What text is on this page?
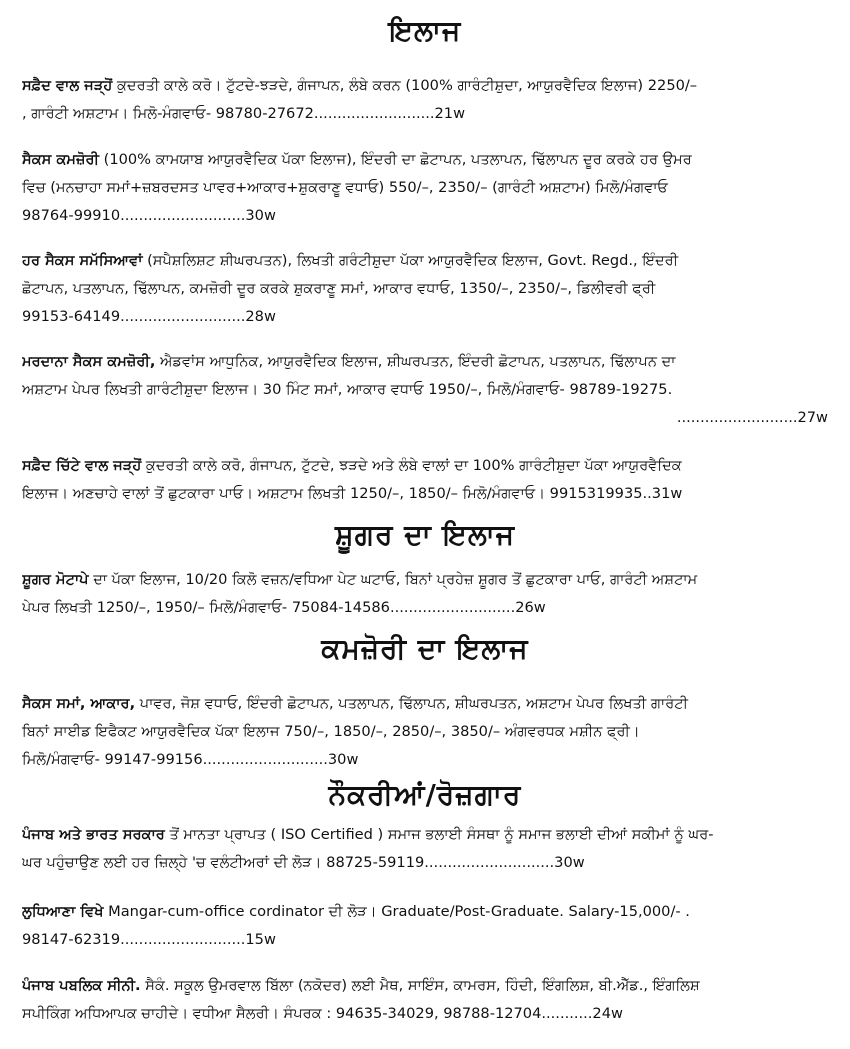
ਇਲਾਜ
ਸਫ਼ੈਦ ਵਾਲ ਜੜ੍ਹੋਂ ਕੁਦਰਤੀ ਕਾਲੇ ਕਰੋ। ਟੁੱਟਦੇ-ਝੜਦੇ, ਗੰਜਾਪਨ, ਲੰਬੇ ਕਰਨ (100% ਗਾਰੰਟੀਸ਼ੁਦਾ, ਆਯੁਰਵੈਦਿਕ ਇਲਾਜ) 2250/–
, ਗਾਰੰਟੀ ਅਸ਼ਟਾਮ। ਮਿਲੋ-ਮੰਗਵਾਓ- 98780-27672..........................21w
ਸੈਕਸ ਕਮਜ਼ੋਰੀ (100% ਕਾਮਯਾਬ ਆਯੁਰਵੈਦਿਕ ਪੱਕਾ ਇਲਾਜ), ਇੰਦਰੀ ਦਾ ਛੋਟਾਪਨ, ਪਤਲਾਪਨ, ਢਿੱਲਾਪਨ ਦੂਰ ਕਰਕੇ ਹਰ ਉਮਰ
ਵਿਚ (ਮਨਚਾਹਾ ਸਮਾਂ+ਜ਼ਬਰਦਸਤ ਪਾਵਰ+ਆਕਾਰ+ਸ਼ੁਕਰਾਣੂ ਵਧਾਓ) 550/–, 2350/– (ਗਾਰੰਟੀ ਅਸ਼ਟਾਮ) ਮਿਲੋ/ਮੰਗਵਾਓ
98764-99910...........................30w
ਹਰ ਸੈਕਸ ਸਮੱਸਿਆਵਾਂ (ਸਪੈਸ਼ਲਿਸ਼ਟ ਸ਼ੀਘਰਪਤਨ), ਲਿਖਤੀ ਗਰੰਟੀਸ਼ੁਦਾ ਪੱਕਾ ਆਯੁਰਵੈਦਿਕ ਇਲਾਜ, Govt. Regd., ਇੰਦਰੀ
ਛੋਟਾਪਨ, ਪਤਲਾਪਨ, ਢਿੱਲਾਪਨ, ਕਮਜ਼ੋਰੀ ਦੂਰ ਕਰਕੇ ਸ਼ੁਕਰਾਣੂ ਸਮਾਂ, ਆਕਾਰ ਵਧਾਓ, 1350/–, 2350/–, ਡਿਲੀਵਰੀ ਫ੍ਰੀ
99153-64149...........................28w
ਮਰਦਾਨਾ ਸੈਕਸ ਕਮਜ਼ੋਰੀ, ਐਡਵਾਂਸ ਆਧੁਨਿਕ, ਆਯੁਰਵੈਦਿਕ ਇਲਾਜ, ਸ਼ੀਘਰਪਤਨ, ਇੰਦਰੀ ਛੋਟਾਪਨ, ਪਤਲਾਪਨ, ਢਿੱਲਾਪਨ ਦਾ
ਅਸ਼ਟਾਮ ਪੇਪਰ ਲਿਖਤੀ ਗਾਰੰਟੀਸ਼ੁਦਾ ਇਲਾਜ। 30 ਮਿੰਟ ਸਮਾਂ, ਆਕਾਰ ਵਧਾਓ 1950/–, ਮਿਲੋ/ਮੰਗਵਾਓ- 98789-19275.
..........................27w
ਸਫ਼ੈਦ ਚਿੱਟੇ ਵਾਲ ਜੜ੍ਹੋਂ ਕੁਦਰਤੀ ਕਾਲੇ ਕਰੋ, ਗੰਜਾਪਨ, ਟੁੱਟਦੇ, ਝੜਦੇ ਅਤੇ ਲੰਬੇ ਵਾਲਾਂ ਦਾ 100% ਗਾਰੰਟੀਸ਼ੁਦਾ ਪੱਕਾ ਆਯੁਰਵੈਦਿਕ
ਇਲਾਜ। ਅਣਚਾਹੇ ਵਾਲਾਂ ਤੋਂ ਛੁਟਕਾਰਾ ਪਾਓ। ਅਸ਼ਟਾਮ ਲਿਖਤੀ 1250/–, 1850/– ਮਿਲੋ/ਮੰਗਵਾਓ। 9915319935..31w
ਸ਼ੂਗਰ ਦਾ ਇਲਾਜ
ਸ਼ੂਗਰ ਮੋਟਾਪੇ ਦਾ ਪੱਕਾ ਇਲਾਜ, 10/20 ਕਿਲੋ ਵਜ਼ਨ/ਵਧਿਆ ਪੇਟ ਘਟਾਓ, ਬਿਨਾਂ ਪ੍ਰਹੇਜ਼ ਸ਼ੂਗਰ ਤੋਂ ਛੁਟਕਾਰਾ ਪਾਓ, ਗਾਰੰਟੀ ਅਸ਼ਟਾਮ
ਪੇਪਰ ਲਿਖਤੀ 1250/–, 1950/– ਮਿਲੋ/ਮੰਗਵਾਓ- 75084-14586...........................26w
ਕਮਜ਼ੋਰੀ ਦਾ ਇਲਾਜ
ਸੈਕਸ ਸਮਾਂ, ਆਕਾਰ, ਪਾਵਰ, ਜੋਸ਼ ਵਧਾਓ, ਇੰਦਰੀ ਛੋਟਾਪਨ, ਪਤਲਾਪਨ, ਢਿੱਲਾਪਨ, ਸ਼ੀਘਰਪਤਨ, ਅਸ਼ਟਾਮ ਪੇਪਰ ਲਿਖਤੀ ਗਾਰੰਟੀ
ਬਿਨਾਂ ਸਾਈਡ ਇਫੈਕਟ ਆਯੁਰਵੈਦਿਕ ਪੱਕਾ ਇਲਾਜ 750/–, 1850/–, 2850/–, 3850/– ਅੰਗਵਰਧਕ ਮਸ਼ੀਨ ਫ੍ਰੀ।
ਮਿਲੋ/ਮੰਗਵਾਓ- 99147-99156...........................30w
ਨੌਕਰੀਆਂ/ਰੋਜ਼ਗਾਰ
ਪੰਜਾਬ ਅਤੇ ਭਾਰਤ ਸਰਕਾਰ ਤੋਂ ਮਾਨਤਾ ਪ੍ਰਾਪਤ ( ISO Certified ) ਸਮਾਜ ਭਲਾਈ ਸੰਸਥਾ ਨੂੰ ਸਮਾਜ ਭਲਾਈ ਦੀਆਂ ਸਕੀਮਾਂ ਨੂੰ ਘਰ-
ਘਰ ਪਹੁੰਚਾਉਣ ਲਈ ਹਰ ਜ਼ਿਲ੍ਹੇ 'ਚ ਵਲੰਟੀਅਰਾਂ ਦੀ ਲੋੜ। 88725-59119............................30w
ਲੁਧਿਆਣਾ ਵਿਖੇ Mangar-cum-office cordinator ਦੀ ਲੋੜ। Graduate/Post-Graduate. Salary-15,000/- .
98147-62319...........................15w
ਪੰਜਾਬ ਪਬਲਿਕ ਸੀਨੀ. ਸੈਕੰ. ਸਕੂਲ ਉਮਰਵਾਲ ਬਿੱਲਾ (ਨਕੋਦਰ) ਲਈ ਮੈਥ, ਸਾਇੰਸ, ਕਾਮਰਸ, ਹਿੰਦੀ, ਇੰਗਲਿਸ਼, ਬੀ.ਐੱਡ., ਇੰਗਲਿਸ਼
ਸਪੀਕਿੰਗ ਅਧਿਆਪਕ ਚਾਹੀਦੇ। ਵਧੀਆ ਸੈਲਰੀ। ਸੰਪਰਕ : 94635-34029, 98788-12704...........24w
